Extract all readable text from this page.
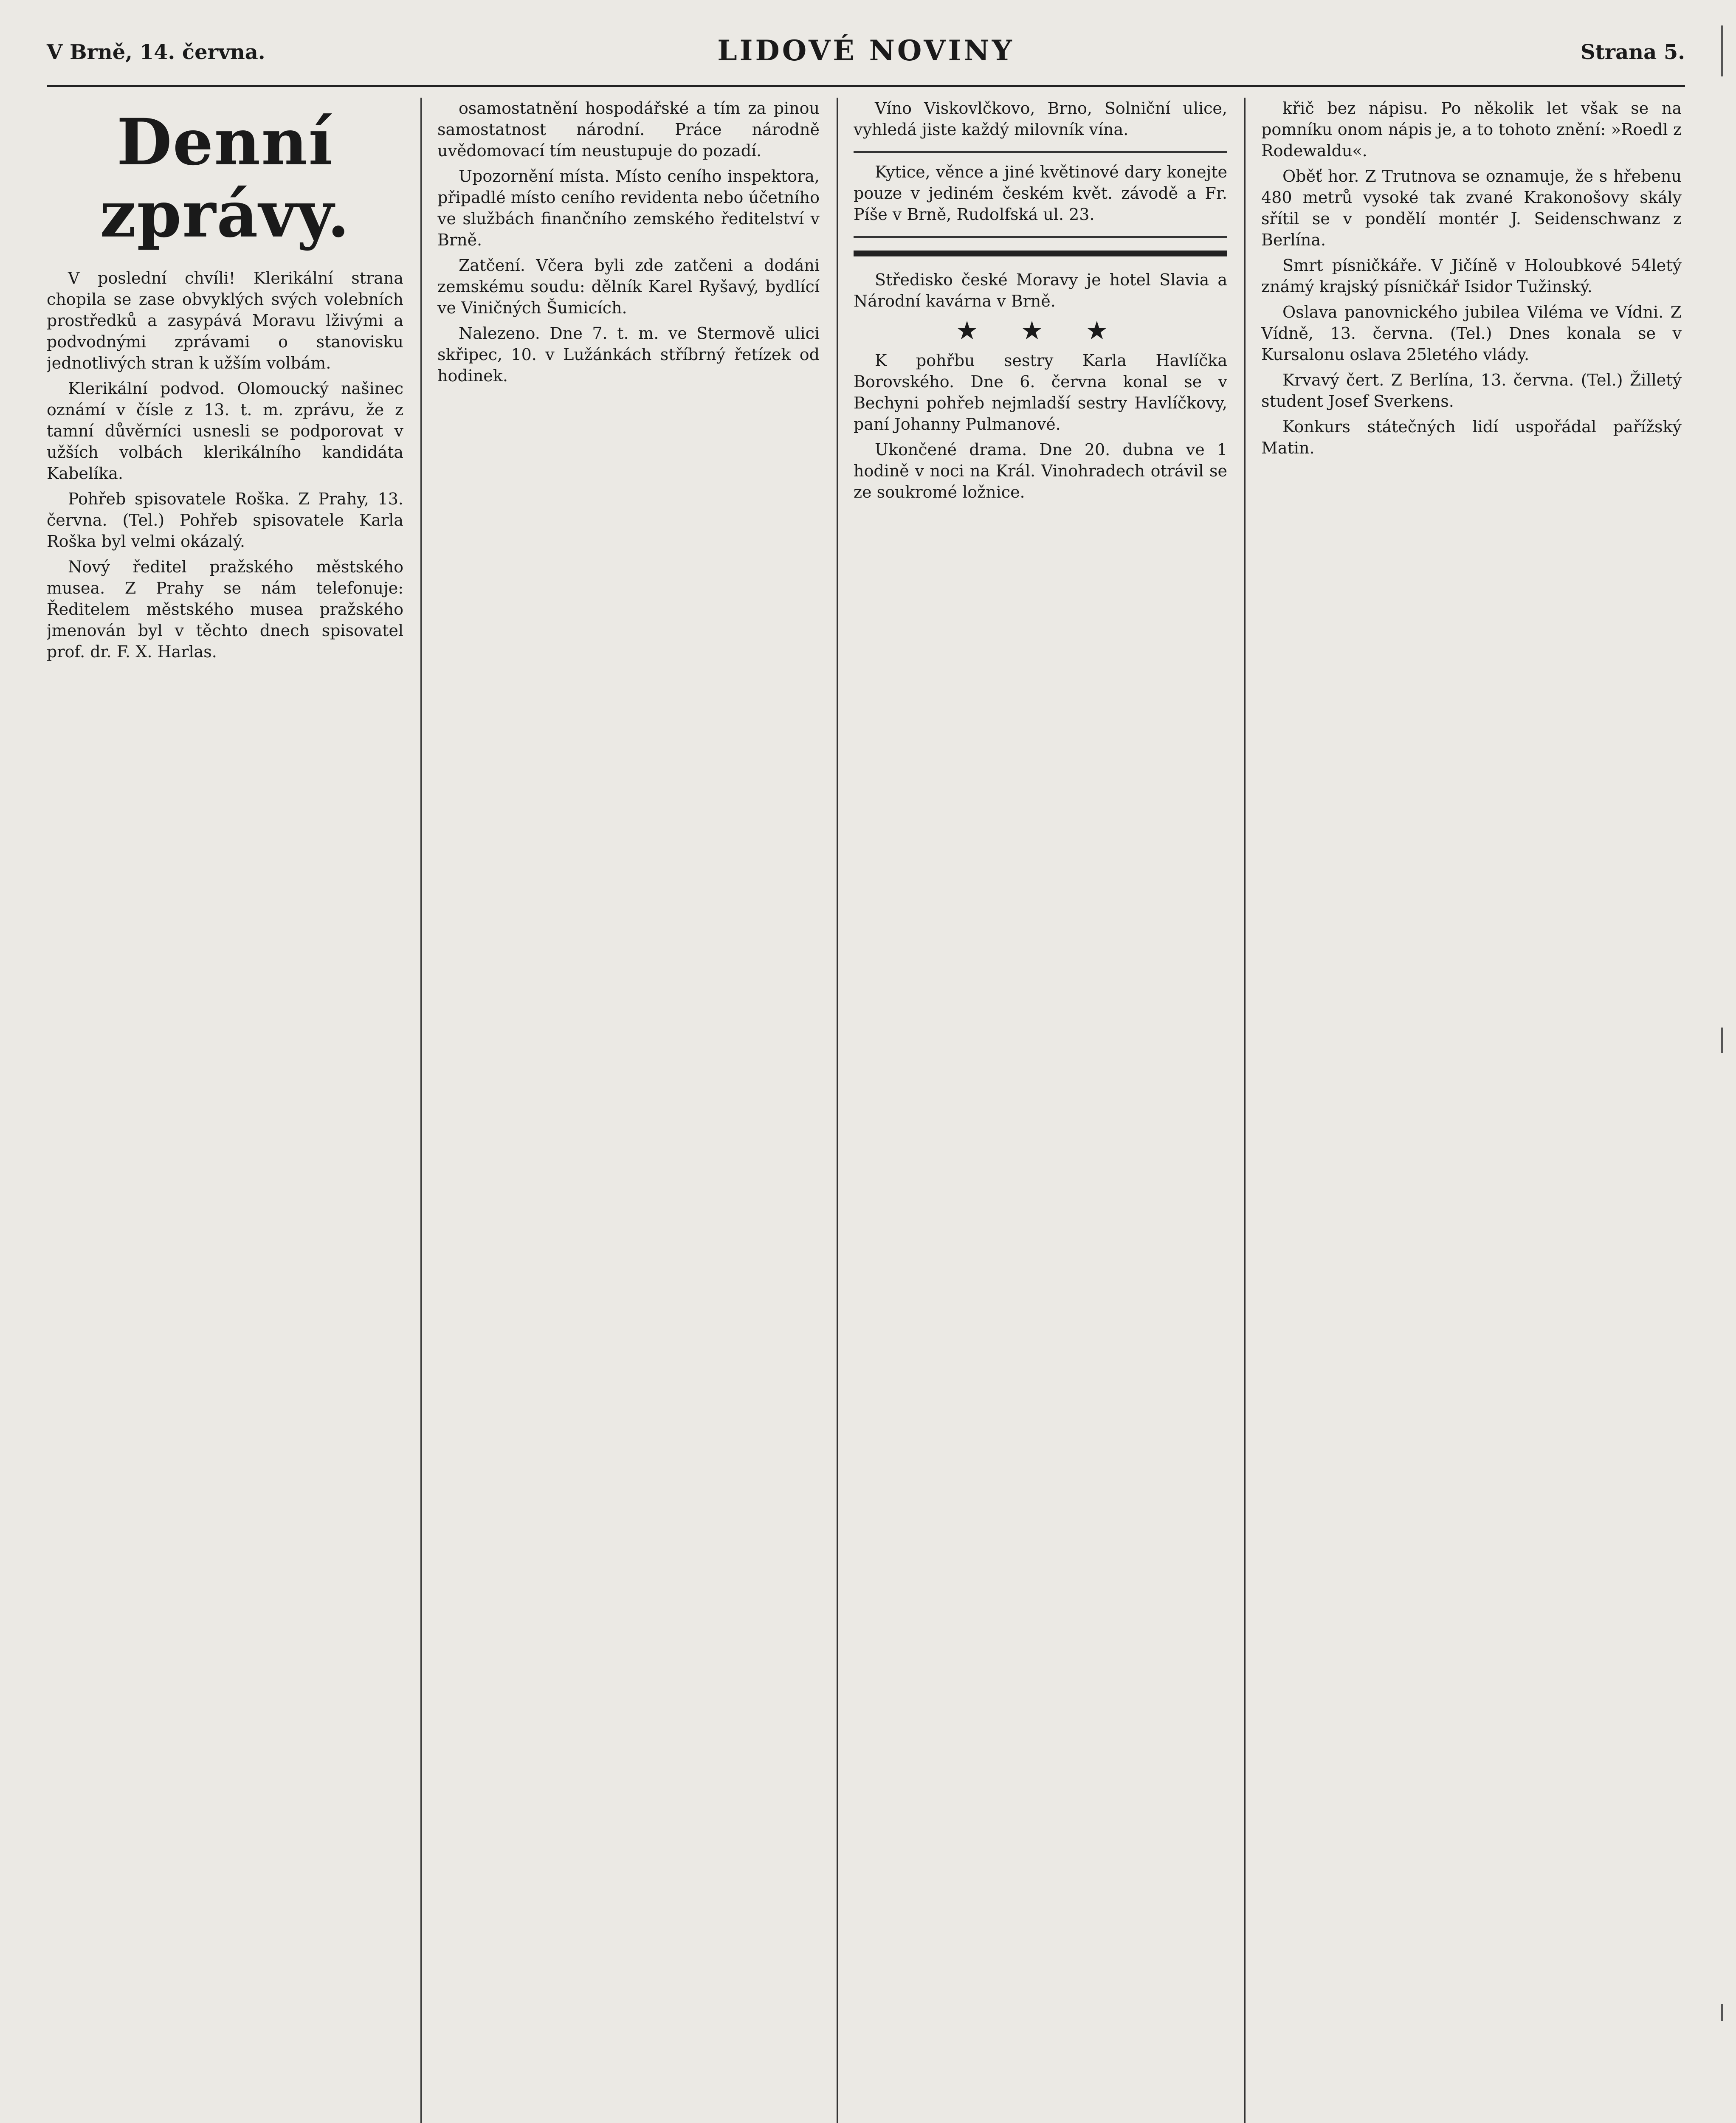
V Brně, 14. června.	LIDOVÉ NOVINY	Strana 5.
Denní zprávy.

V poslední chvíli! Klerikální strana chopila se zase obvyklých svých volebních prostředků a zasypává Moravu lživými a podvodnými zprávami o stanovisku jednotlivých stran k užším volbám.

Klerikální podvod. Olomoucký našinec oznámí v čísle z 13. t. m. zprávu, že z tamní důvěrníci usnesli se podporovat v užších volbách klerikálního kandidáta Kabelíka.

Pohřeb spisovatele Roška. Z Prahy, 13. června. (Tel.) Pohřeb spisovatele Karla Roška byl velmi okázalý.

Nový ředitel pražského městského musea. Z Prahy se nám telefonuje: Ředitelem městského musea pražského jmenován byl v těchto dnech spisovatel prof. dr. F. X. Harlas.

osamostatnění hospodářské a tím za pinou samostatnost národní. Práce národně uvědomovací tím neustupuje do pozadí.

Upozornění místa. Místo ceního inspektora, připadlé místo ceního revidenta nebo účetního ve službách finančního zemského ředitelství v Brně.

Zatčení. Včera byli zde zatčeni a dodáni zemskému soudu: dělník Karel Ryšavý, bydlící ve Viničných Šumicích.

Nalezeno. Dne 7. t. m. ve Stermově ulici skřipec, 10. v Lužánkách stříbrný řetízek od hodinek.

Víno Viskovlčkovo, Brno, Solniční ulice, vyhledá jiste každý milovník vína.

Kytice, věnce a jiné květinové dary konejte pouze v jediném českém květ. závodě a Fr. Píše v Brně, Rudolfská ul. 23.

Středisko české Moravy je hotel Slavia a Národní kavárna v Brně.

★ ★ ★

K pohřbu sestry Karla Havlíčka Borovského. Dne 6. června konal se v Bechyni pohřeb nejmladší sestry Havlíčkovy, paní Johanny Pulmanové.

Ukončené drama. Dne 20. dubna ve 1 hodině v noci na Král. Vinohradech otrávil se ze soukromé ložnice.

křič bez nápisu. Po několik let však se na pomníku onom nápis je, a to tohoto znění: »Roedl z Rodewaldu«.

Oběť hor. Z Trutnova se oznamuje, že s hřebenu 480 metrů vysoké tak zvané Krakonošovy skály sřítil se v pondělí montér J. Seidenschwanz z Berlína.

Smrt písničkáře. V Jičíně v Holoubkové 54letý známý krajský písničkář Isidor Tužinský.

Oslava panovnického jubilea Viléma ve Vídni. Z Vídně, 13. června. (Tel.) Dnes konala se v Kursalonu oslava 25letého vlády.

Krvavý čert. Z Berlína, 13. června. (Tel.) Žilletý student Josef Sverkens.

Konkurs státečných lidí uspořádal pařížský Matin.
